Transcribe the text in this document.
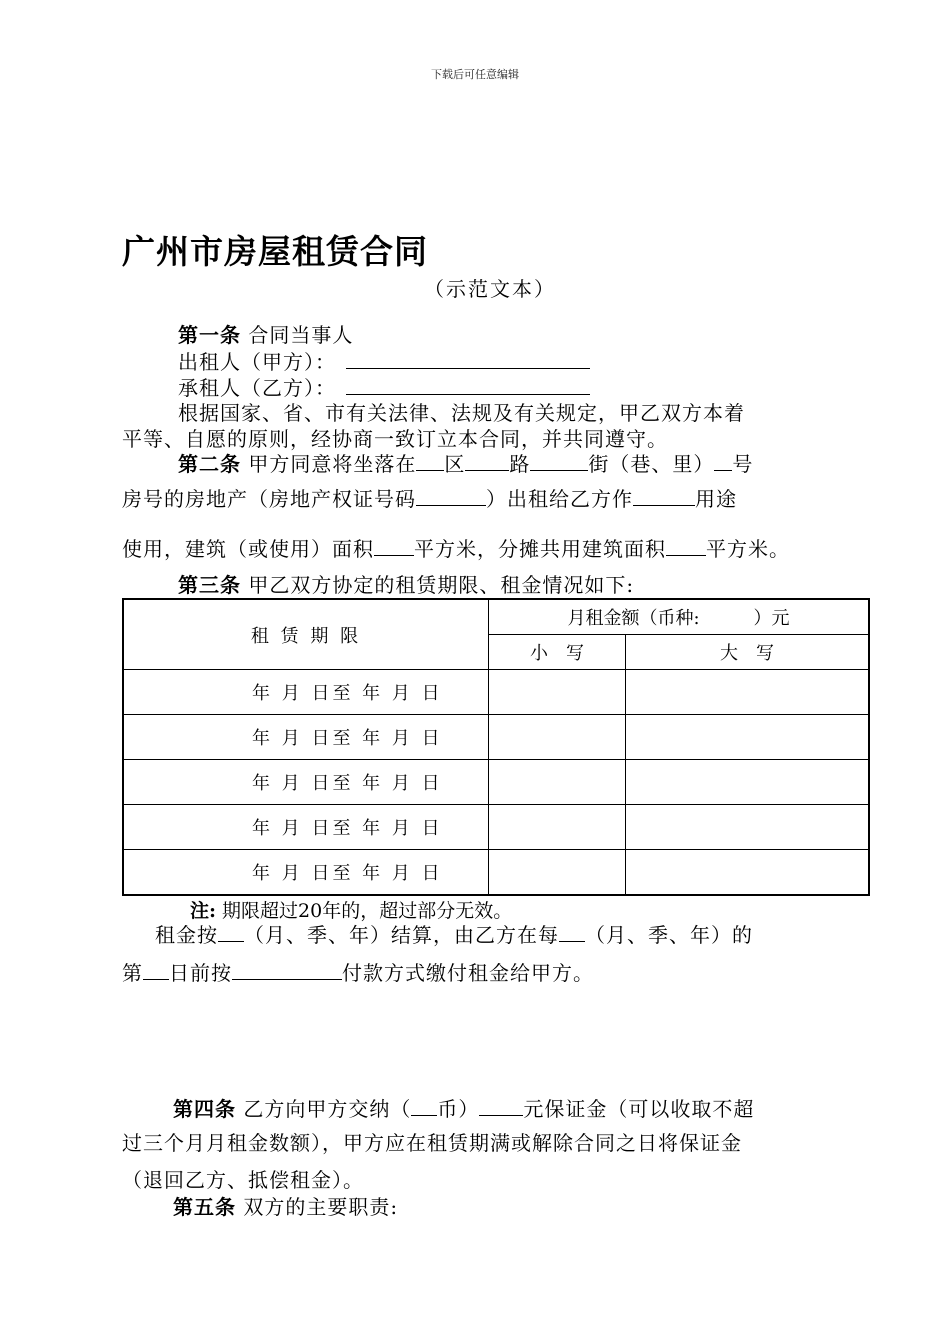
下载后可任意编辑
广州市房屋租赁合同
（示范文本）
第一条 合同当事人
出租人（甲方）：
承租人（乙方）：
根据国家、省、市有关法律、法规及有关规定，甲乙双方本着
平等、自愿的原则，经协商一致订立本合同，并共同遵守。
第二条 甲方同意将坐落在 区 路	街（巷、里） 号
房号的房地产（房地产权证号码	）出租给乙方作	用途
使用，建筑（或使用）面积 平方米，分摊共用建筑面积 平方米。
第三条 甲乙双方协定的租赁期限、租金情况如下:
租 赁 期 限	月租金额（币种:　　　）元	
	小　写	大　写
年 月 日至 年 月 日		
年 月 日至 年 月 日		
年 月 日至 年 月 日		
年 月 日至 年 月 日		
年 月 日至 年 月 日		
注: 期限超过20年的，超过部分无效。
租金按 （月、季、年）结算，由乙方在每 （月、季、年）的
第 日前按	付款方式缴付租金给甲方。
第四条 乙方向甲方交纳（ 币） 元保证金（可以收取不超
过三个月月租金数额），甲方应在租赁期满或解除合同之日将保证金
（退回乙方、抵偿租金）。
第五条 双方的主要职责:
